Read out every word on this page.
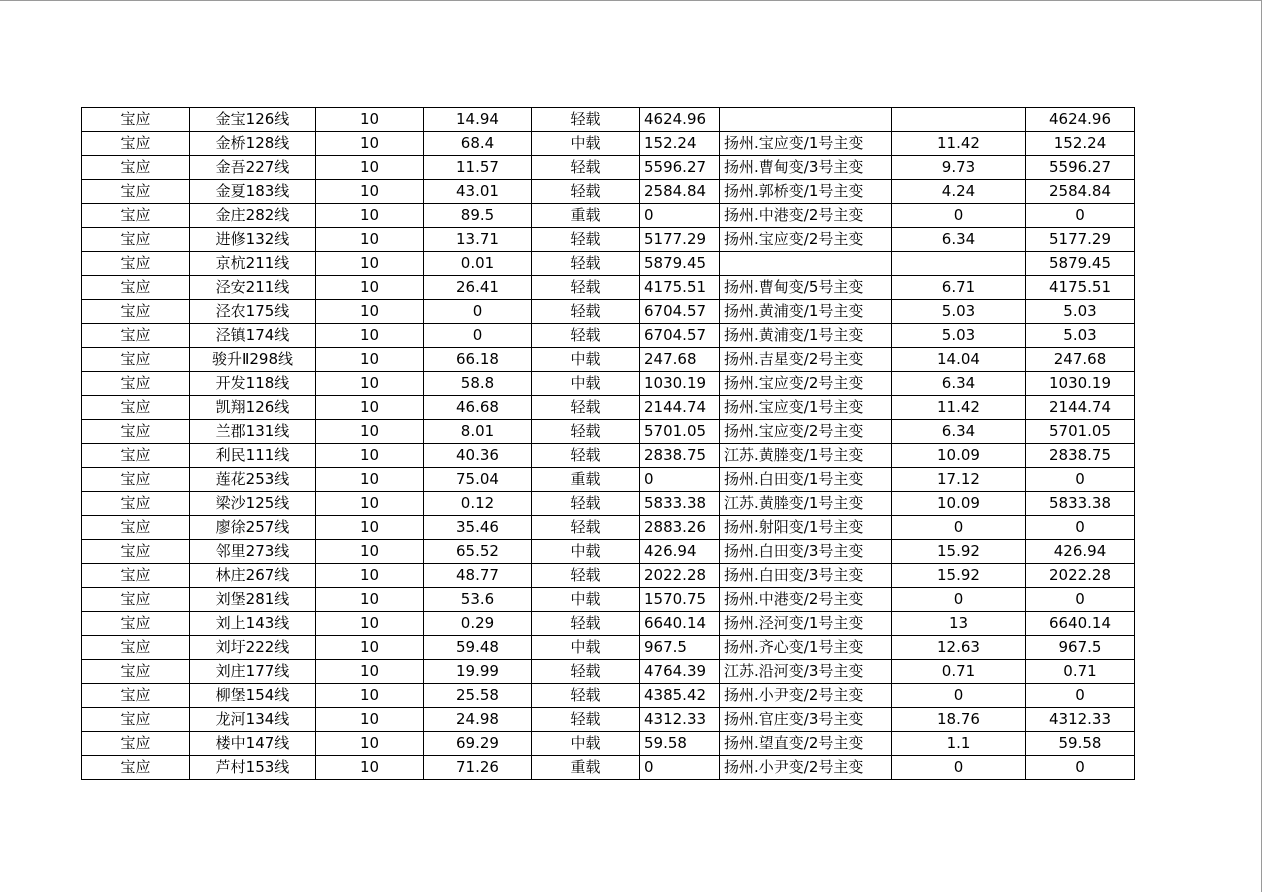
宝应	金宝126线	10	14.94	轻载	4624.96			4624.96
宝应	金桥128线	10	68.4	中载	152.24	扬州.宝应变/1号主变	11.42	152.24
宝应	金吾227线	10	11.57	轻载	5596.27	扬州.曹甸变/3号主变	9.73	5596.27
宝应	金夏183线	10	43.01	轻载	2584.84	扬州.郭桥变/1号主变	4.24	2584.84
宝应	金庄282线	10	89.5	重载	0	扬州.中港变/2号主变	0	0
宝应	进修132线	10	13.71	轻载	5177.29	扬州.宝应变/2号主变	6.34	5177.29
宝应	京杭211线	10	0.01	轻载	5879.45			5879.45
宝应	泾安211线	10	26.41	轻载	4175.51	扬州.曹甸变/5号主变	6.71	4175.51
宝应	泾农175线	10	0	轻载	6704.57	扬州.黄浦变/1号主变	5.03	5.03
宝应	泾镇174线	10	0	轻载	6704.57	扬州.黄浦变/1号主变	5.03	5.03
宝应	骏升Ⅱ298线	10	66.18	中载	247.68	扬州.吉星变/2号主变	14.04	247.68
宝应	开发118线	10	58.8	中载	1030.19	扬州.宝应变/2号主变	6.34	1030.19
宝应	凯翔126线	10	46.68	轻载	2144.74	扬州.宝应变/1号主变	11.42	2144.74
宝应	兰郡131线	10	8.01	轻载	5701.05	扬州.宝应变/2号主变	6.34	5701.05
宝应	利民111线	10	40.36	轻载	2838.75	江苏.黄塍变/1号主变	10.09	2838.75
宝应	莲花253线	10	75.04	重载	0	扬州.白田变/1号主变	17.12	0
宝应	梁沙125线	10	0.12	轻载	5833.38	江苏.黄塍变/1号主变	10.09	5833.38
宝应	廖徐257线	10	35.46	轻载	2883.26	扬州.射阳变/1号主变	0	0
宝应	邻里273线	10	65.52	中载	426.94	扬州.白田变/3号主变	15.92	426.94
宝应	林庄267线	10	48.77	轻载	2022.28	扬州.白田变/3号主变	15.92	2022.28
宝应	刘堡281线	10	53.6	中载	1570.75	扬州.中港变/2号主变	0	0
宝应	刘上143线	10	0.29	轻载	6640.14	扬州.泾河变/1号主变	13	6640.14
宝应	刘圩222线	10	59.48	中载	967.5	扬州.齐心变/1号主变	12.63	967.5
宝应	刘庄177线	10	19.99	轻载	4764.39	江苏.沿河变/3号主变	0.71	0.71
宝应	柳堡154线	10	25.58	轻载	4385.42	扬州.小尹变/2号主变	0	0
宝应	龙河134线	10	24.98	轻载	4312.33	扬州.官庄变/3号主变	18.76	4312.33
宝应	楼中147线	10	69.29	中载	59.58	扬州.望直变/2号主变	1.1	59.58
宝应	芦村153线	10	71.26	重载	0	扬州.小尹变/2号主变	0	0
